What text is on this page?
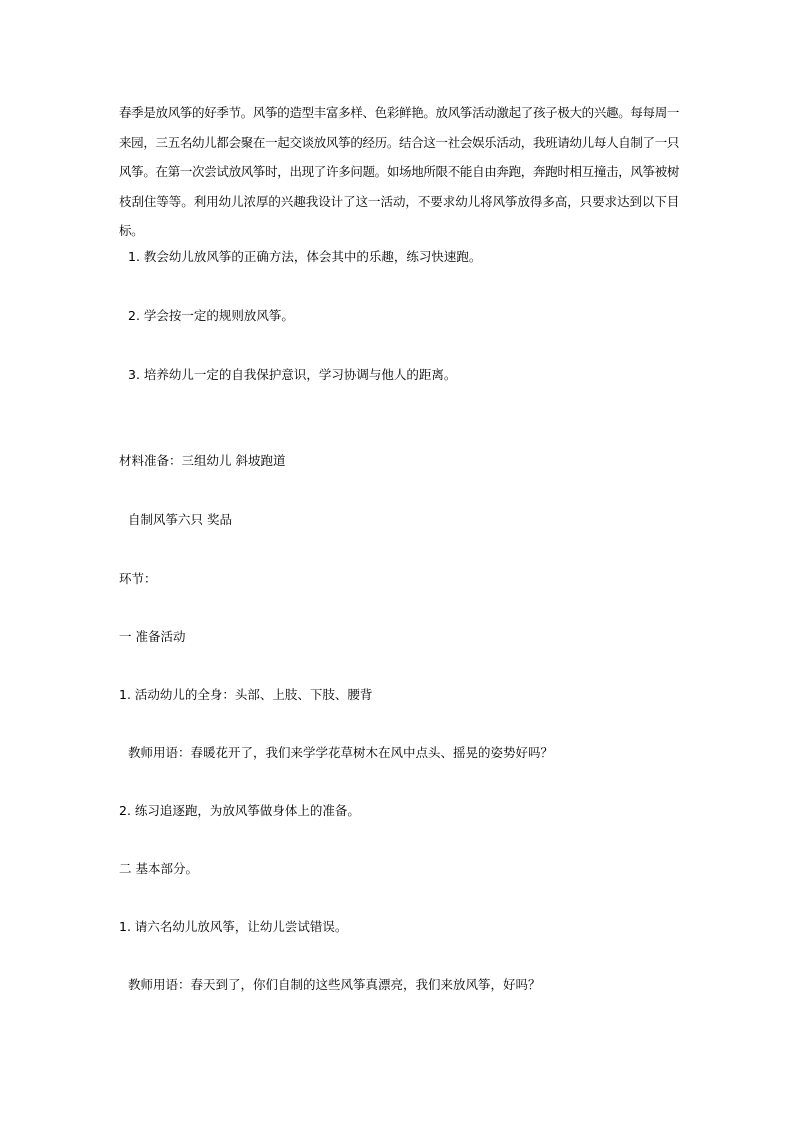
春季是放风筝的好季节。风筝的造型丰富多样、色彩鲜艳。放风筝活动激起了孩子极大的兴趣。每每周一来园，三五名幼儿都会聚在一起交谈放风筝的经历。结合这一社会娱乐活动，我班请幼儿每人自制了一只风筝。在第一次尝试放风筝时，出现了许多问题。如场地所限不能自由奔跑，奔跑时相互撞击，风筝被树枝刮住等等。利用幼儿浓厚的兴趣我设计了这一活动，不要求幼儿将风筝放得多高，只要求达到以下目标。

1. 教会幼儿放风筝的正确方法，体会其中的乐趣，练习快速跑。

2. 学会按一定的规则放风筝。

3. 培养幼儿一定的自我保护意识，学习协调与他人的距离。

材料准备：三组幼儿 斜坡跑道

自制风筝六只 奖品

环节：

一 准备活动

1. 活动幼儿的全身：头部、上肢、下肢、腰背

教师用语：春暖花开了，我们来学学花草树木在风中点头、摇晃的姿势好吗？

2. 练习追逐跑，为放风筝做身体上的准备。

二 基本部分。

1. 请六名幼儿放风筝，让幼儿尝试错误。

教师用语：春天到了，你们自制的这些风筝真漂亮，我们来放风筝，好吗？
